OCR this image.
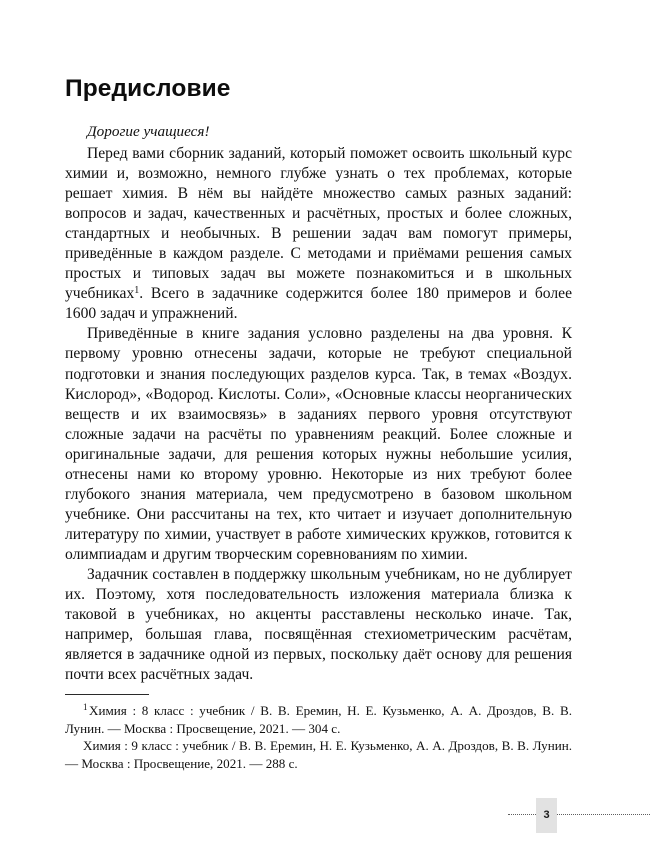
Предисловие

Дорогие учащиеся!

Перед вами сборник заданий, который поможет освоить школьный курс химии и, возможно, немного глубже узнать о тех проблемах, которые решает химия. В нём вы найдёте множество самых разных заданий: вопросов и задач, качественных и расчётных, простых и более сложных, стандартных и необычных. В решении задач вам помогут примеры, приведённые в каждом разделе. С методами и приёмами решения самых простых и типовых задач вы можете познакомиться и в школьных учебниках$^1$. Всего в задачнике содержится более 180 примеров и более 1600 задач и упражнений.

Приведённые в книге задания условно разделены на два уровня. К первому уровню отнесены задачи, которые не требуют специальной подготовки и знания последующих разделов курса. Так, в темах «Воздух. Кислород», «Водород. Кислоты. Соли», «Основные классы неорганических веществ и их взаимосвязь» в заданиях первого уровня отсутствуют сложные задачи на расчёты по уравнениям реакций. Более сложные и оригинальные задачи, для решения которых нужны небольшие усилия, отнесены нами ко второму уровню. Некоторые из них требуют более глубокого знания материала, чем предусмотрено в базовом школьном учебнике. Они рассчитаны на тех, кто читает и изучает дополнительную литературу по химии, участвует в работе химических кружков, готовится к олимпиадам и другим творческим соревнованиям по химии.

Задачник составлен в поддержку школьным учебникам, но не дублирует их. Поэтому, хотя последовательность изложения материала близка к таковой в учебниках, но акценты расставлены несколько иначе. Так, например, большая глава, посвящённая стехиометрическим расчётам, является в задачнике одной из первых, поскольку даёт основу для решения почти всех расчётных задач.

$^1$ Химия : 8 класс : учебник / В. В. Еремин, Н. Е. Кузьменко, А. А. Дроздов, В. В. Лунин. — Москва : Просвещение, 2021. — 304 с.

Химия : 9 класс : учебник / В. В. Еремин, Н. Е. Кузьменко, А. А. Дроздов, В. В. Лунин. — Москва : Просвещение, 2021. — 288 с.

3
